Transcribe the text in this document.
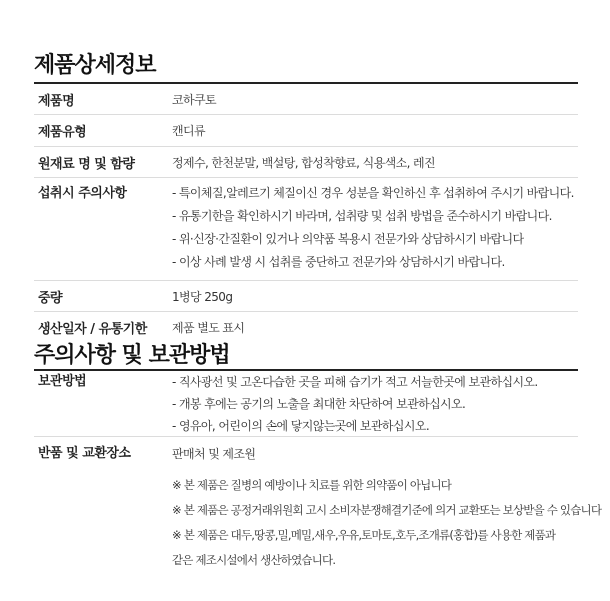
제품상세정보
제품명	코하쿠토
제품유형	캔디류
원재료 명 및 함량	정제수, 한천분말, 백설탕, 합성착향료, 식용색소, 레진
섭취시 주의사항	- 특이체질,알레르기 체질이신 경우 성분을 확인하신 후 섭취하여 주시기 바랍니다.
- 유통기한을 확인하시기 바라며, 섭취량 및 섭취 방법을 준수하시기 바랍니다.
- 위·신장·간질환이 있거나 의약품 복용시 전문가와 상담하시기 바랍니다
- 이상 사례 발생 시 섭취를 중단하고 전문가와 상담하시기 바랍니다.
중량	1병당 250g
생산일자 / 유통기한	제품 별도 표시
주의사항 및 보관방법
보관방법	- 직사광선 및 고온다습한 곳을 피해 습기가 적고 서늘한곳에 보관하십시오.
- 개봉 후에는 공기의 노출을 최대한 차단하여 보관하십시오.
- 영유아, 어린이의 손에 닿지않는곳에 보관하십시오.
반품 및 교환장소	판매처 및 제조원
※ 본 제품은 질병의 예방이나 치료를 위한 의약품이 아닙니다
※ 본 제품은 공정거래위원회 고시 소비자분쟁해결기준에 의거 교환또는 보상받을 수 있습니다
※ 본 제품은 대두,땅콩,밀,메밀,새우,우유,토마토,호두,조개류(홍합)를 사용한 제품과
같은 제조시설에서 생산하였습니다.
